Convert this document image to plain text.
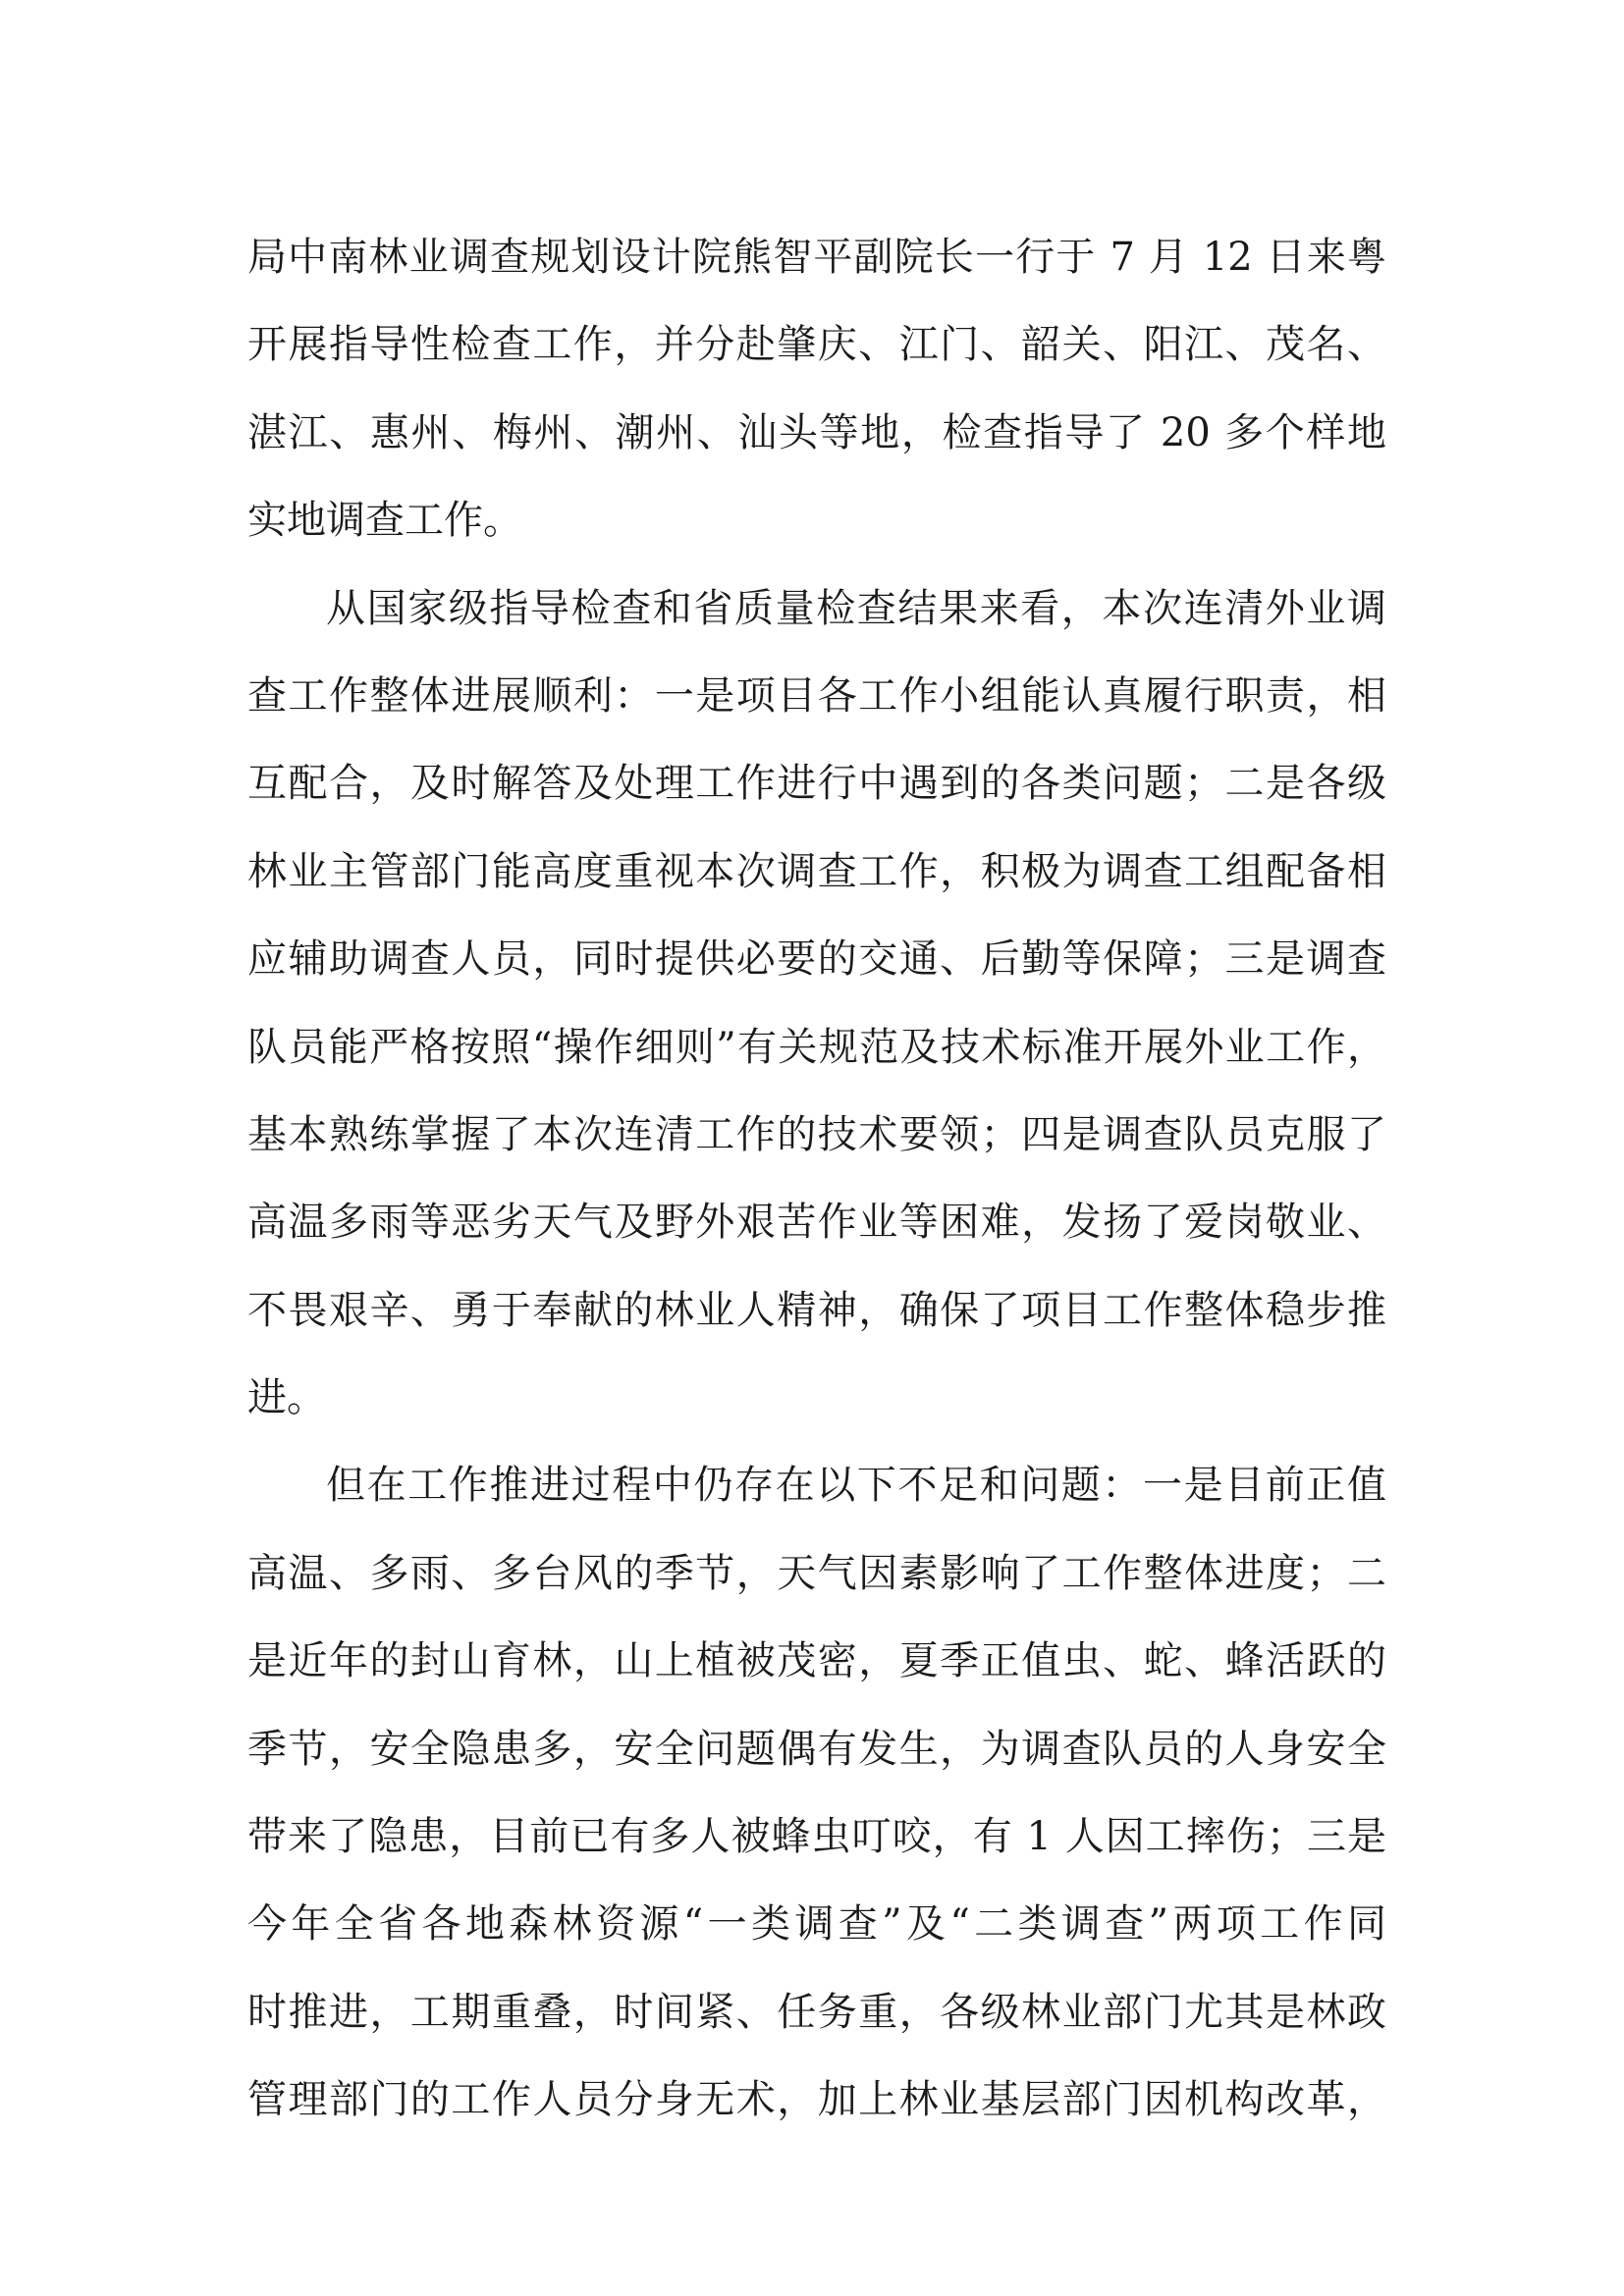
局中南林业调查规划设计院熊智平副院长一行于 7 月 12 日来粤
开展指导性检查工作，并分赴肇庆、江门、韶关、阳江、茂名、
湛江、惠州、梅州、潮州、汕头等地，检查指导了 20 多个样地
实地调查工作。
从国家级指导检查和省质量检查结果来看，本次连清外业调
查工作整体进展顺利：一是项目各工作小组能认真履行职责，相
互配合，及时解答及处理工作进行中遇到的各类问题；二是各级
林业主管部门能高度重视本次调查工作，积极为调查工组配备相
应辅助调查人员，同时提供必要的交通、后勤等保障；三是调查
队员能严格按照“操作细则”有关规范及技术标准开展外业工作，
基本熟练掌握了本次连清工作的技术要领；四是调查队员克服了
高温多雨等恶劣天气及野外艰苦作业等困难，发扬了爱岗敬业、
不畏艰辛、勇于奉献的林业人精神，确保了项目工作整体稳步推
进。
但在工作推进过程中仍存在以下不足和问题：一是目前正值
高温、多雨、多台风的季节，天气因素影响了工作整体进度；二
是近年的封山育林，山上植被茂密，夏季正值虫、蛇、蜂活跃的
季节，安全隐患多，安全问题偶有发生，为调查队员的人身安全
带来了隐患，目前已有多人被蜂虫叮咬，有 1 人因工摔伤；三是
今年全省各地森林资源“一类调查”及“二类调查”两项工作同
时推进，工期重叠，时间紧、任务重，各级林业部门尤其是林政
管理部门的工作人员分身无术，加上林业基层部门因机构改革，
